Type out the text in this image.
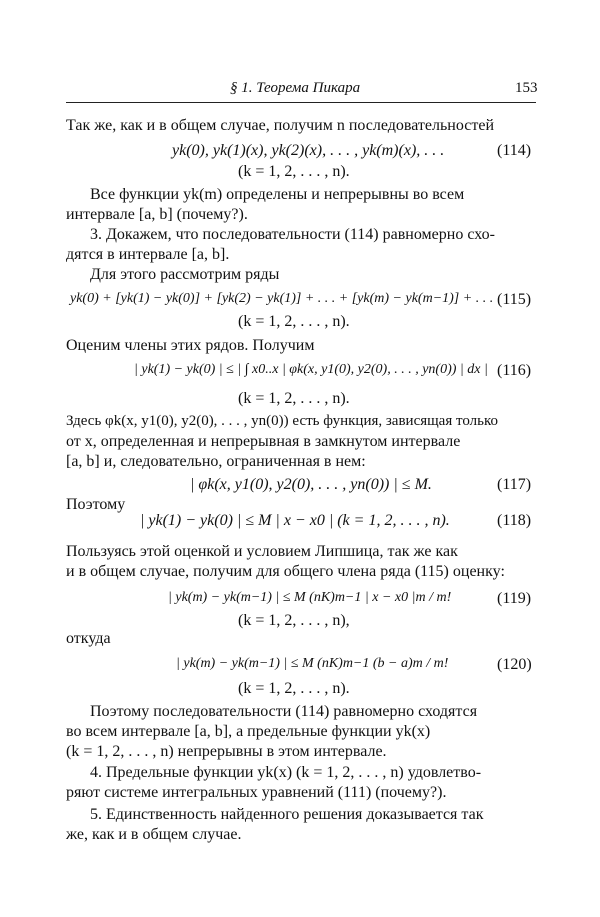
§ 1. Теорема Пикара	153
Так же, как и в общем случае, получим n последовательностей
yk(0), yk(1)(x), yk(2)(x), . . . , yk(m)(x), . . .	(114)
(k = 1, 2, . . . , n).
Все функции yk(m) определены и непрерывны во всем
интервале [a, b] (почему?).
3. Докажем, что последовательности (114) равномерно схо-
дятся в интервале [a, b].
Для этого рассмотрим ряды
yk(0) + [yk(1) − yk(0)] + [yk(2) − yk(1)] + . . . + [yk(m) − yk(m−1)] + . . . (115)
(k = 1, 2, . . . , n).
Оценим члены этих рядов. Получим
| yk(1) − yk(0) | ≤ | ∫ x0..x | φk(x, y1(0), y2(0), . . . , yn(0)) | dx | (116)
(k = 1, 2, . . . , n).
Здесь φk(x, y1(0), y2(0), . . . , yn(0)) есть функция, зависящая только
от x, определенная и непрерывная в замкнутом интервале
[a, b] и, следовательно, ограниченная в нем:
| φk(x, y1(0), y2(0), . . . , yn(0)) | ≤ M.	(117)
Поэтому
| yk(1) − yk(0) | ≤ M | x − x0 | (k = 1, 2, . . . , n).	(118)
Пользуясь этой оценкой и условием Липшица, так же как
и в общем случае, получим для общего члена ряда (115) оценку:
| yk(m) − yk(m−1) | ≤ M (nK)m−1 | x − x0 |m / m!	(119)
(k = 1, 2, . . . , n),
откуда
| yk(m) − yk(m−1) | ≤ M (nK)m−1 (b − a)m / m!	(120)
(k = 1, 2, . . . , n).
Поэтому последовательности (114) равномерно сходятся
во всем интервале [a, b], а предельные функции yk(x)
(k = 1, 2, . . . , n) непрерывны в этом интервале.
4. Предельные функции yk(x) (k = 1, 2, . . . , n) удовлетво-
ряют системе интегральных уравнений (111) (почему?).
5. Единственность найденного решения доказывается так
же, как и в общем случае.
